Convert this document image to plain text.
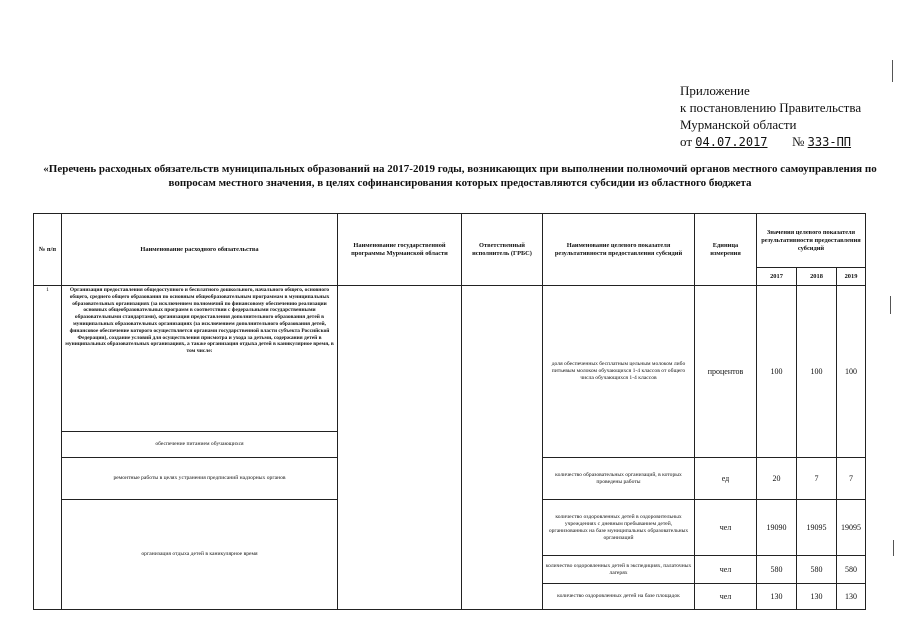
Приложение
к постановлению Правительства
Мурманской области
от 04.07.2017 № 333-ПП
«Перечень расходных обязательств муниципальных образований на 2017-2019 годы, возникающих при выполнении полномочий органов местного самоуправления по вопросам местного значения, в целях софинансирования которых предоставляются субсидии из областного бюджета
№ п/п	Наименование расходного обязательства	Наименование государственной программы Мурманской области	Ответственный исполнитель (ГРБС)	Наименование целевого показателя результативности предоставления субсидий	Единица измерения	Значения целевого показателя результативности предоставления субсидий		
						2017	2018	2019
1	Организация предоставления общедоступного и бесплатного дошкольного, начального общего, основного общего, среднего общего образования по основным общеобразовательным программам в муниципальных образовательных организациях (за исключением полномочий по финансовому обеспечению реализации основных общеобразовательных программ в соответствии с федеральными государственными образовательными стандартами), организация предоставления дополнительного образования детей в муниципальных образовательных организациях (за исключением дополнительного образования детей, финансовое обеспечение которого осуществляется органами государственной власти субъекта Российской Федерации), создание условий для осуществления присмотра и ухода за детьми, содержания детей в муниципальных образовательных организациях, а также организация отдыха детей в каникулярное время, в том числе:			доля обеспеченных бесплатным цельным молоком либо питьевым молоком обучающихся 1-4 классов от общего числа обучающихся 1-4 классов	процентов	100	100	100
	обеспечение питанием обучающихся							
	ремонтные работы в целях устранения предписаний надзорных органов			количество образовательных организаций, в которых проведены работы	ед	20	7	7
	организация отдыха детей в каникулярное время			количество оздоровленных детей в оздоровительных учреждениях с дневным пребыванием детей, организованных на базе муниципальных образовательных организаций	чел	19090	19095	19095
				количество оздоровленных детей в экспедициях, палаточных лагерях	чел	580	580	580
				количество оздоровленных детей на базе площадок	чел	130	130	130
